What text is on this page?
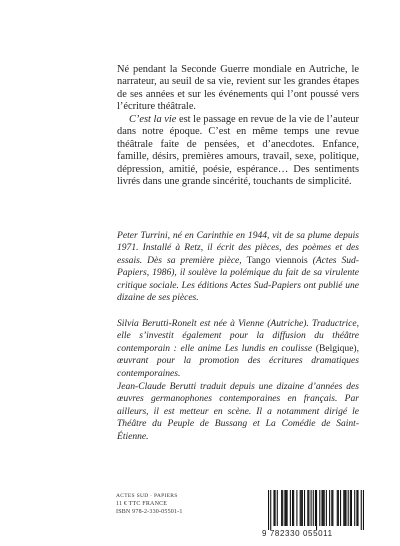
Né pendant la Seconde Guerre mondiale en Autriche, le narrateur, au seuil de sa vie, revient sur les grandes étapes de ses années et sur les événements qui l’ont poussé vers l’écriture théâtrale.

C’est la vie est le passage en revue de la vie de l’auteur dans notre époque. C’est en même temps une revue théâtrale faite de pensées, et d’anecdotes. Enfance, famille, désirs, premières amours, travail, sexe, politique, dépression, amitié, poésie, espérance… Des sentiments livrés dans une grande sincérité, touchants de simplicité.

Peter Turrini, né en Carinthie en 1944, vit de sa plume depuis 1971. Installé à Retz, il écrit des pièces, des poèmes et des essais. Dès sa première pièce, Tango viennois (Actes Sud-Papiers, 1986), il soulève la polémique du fait de sa virulente critique sociale. Les éditions Actes Sud-Papiers ont publié une dizaine de ses pièces.

Silvia Berutti-Ronelt est née à Vienne (Autriche). Traductrice, elle s’investit également pour la diffusion du théâtre contemporain : elle anime Les lundis en coulisse (Belgique), œuvrant pour la promotion des écritures dramatiques contemporaines.

Jean-Claude Berutti traduit depuis une dizaine d’années des œuvres germanophones contemporaines en français. Par ailleurs, il est metteur en scène. Il a notamment dirigé le Théâtre du Peuple de Bussang et La Comédie de Saint-Étienne.

ACTES SUD · PAPIERS
11 € TTC FRANCE
ISBN 978-2-330-05501-1
9 782330 055011
